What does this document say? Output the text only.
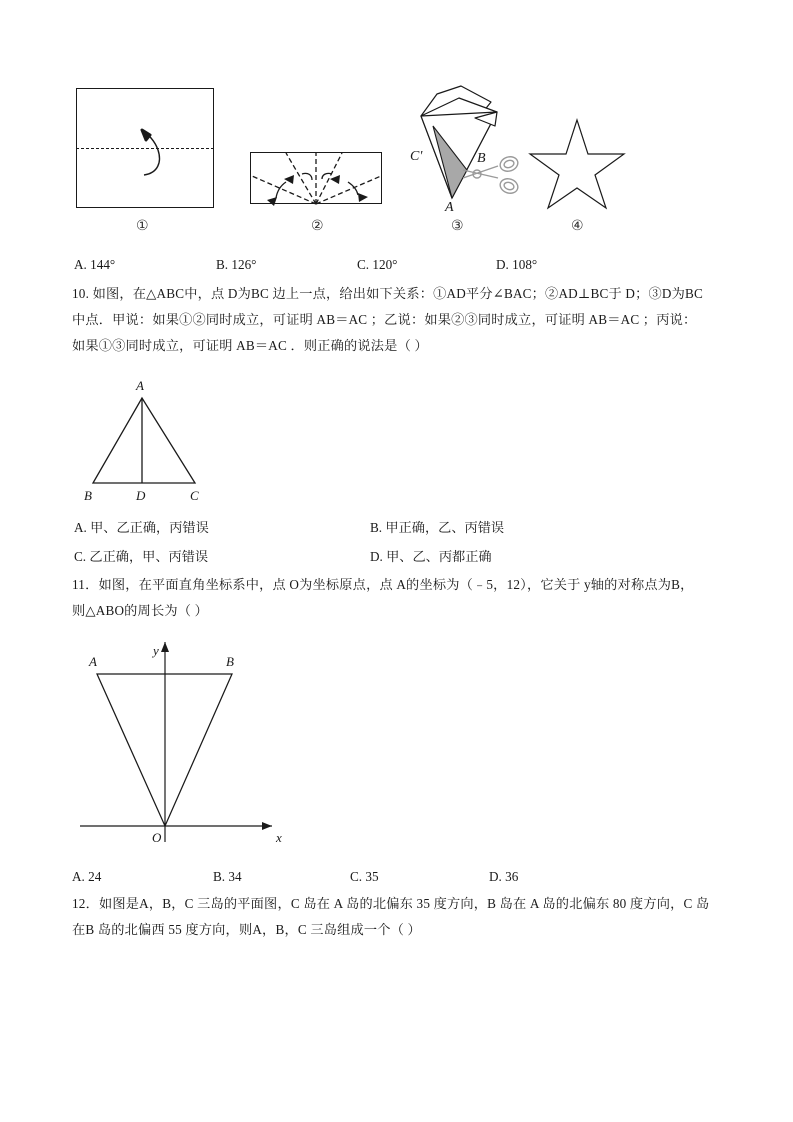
C'	B
A
①	②	③	④
A. 144°	B. 126°	C. 120°	D. 108°
10. 如图，在△ABC中，点 D为BC 边上一点，给出如下关系：①AD平分∠BAC；②AD⊥BC于 D；③D为BC
中点．甲说：如果①②同时成立，可证明 AB＝AC ；乙说：如果②③同时成立，可证明 AB＝AC ；丙说：
如果①③同时成立，可证明 AB＝AC ．则正确的说法是（ ）
A
B	D	C
A. 甲、乙正确，丙错误	B. 甲正确，乙、丙错误
C. 乙正确，甲、丙错误	D. 甲、乙、丙都正确
11．如图，在平面直角坐标系中，点 O为坐标原点，点 A的坐标为（﹣5，12），它关于 y轴的对称点为B，
则△ABO的周长为（ ）
y
x
A	B
O
A. 24	B. 34	C. 35	D. 36
12．如图是A，B，C 三岛的平面图，C 岛在 A 岛的北偏东 35 度方向，B 岛在 A 岛的北偏东 80 度方向，C 岛
在B 岛的北偏西 55 度方向，则A，B，C 三岛组成一个（ ）
